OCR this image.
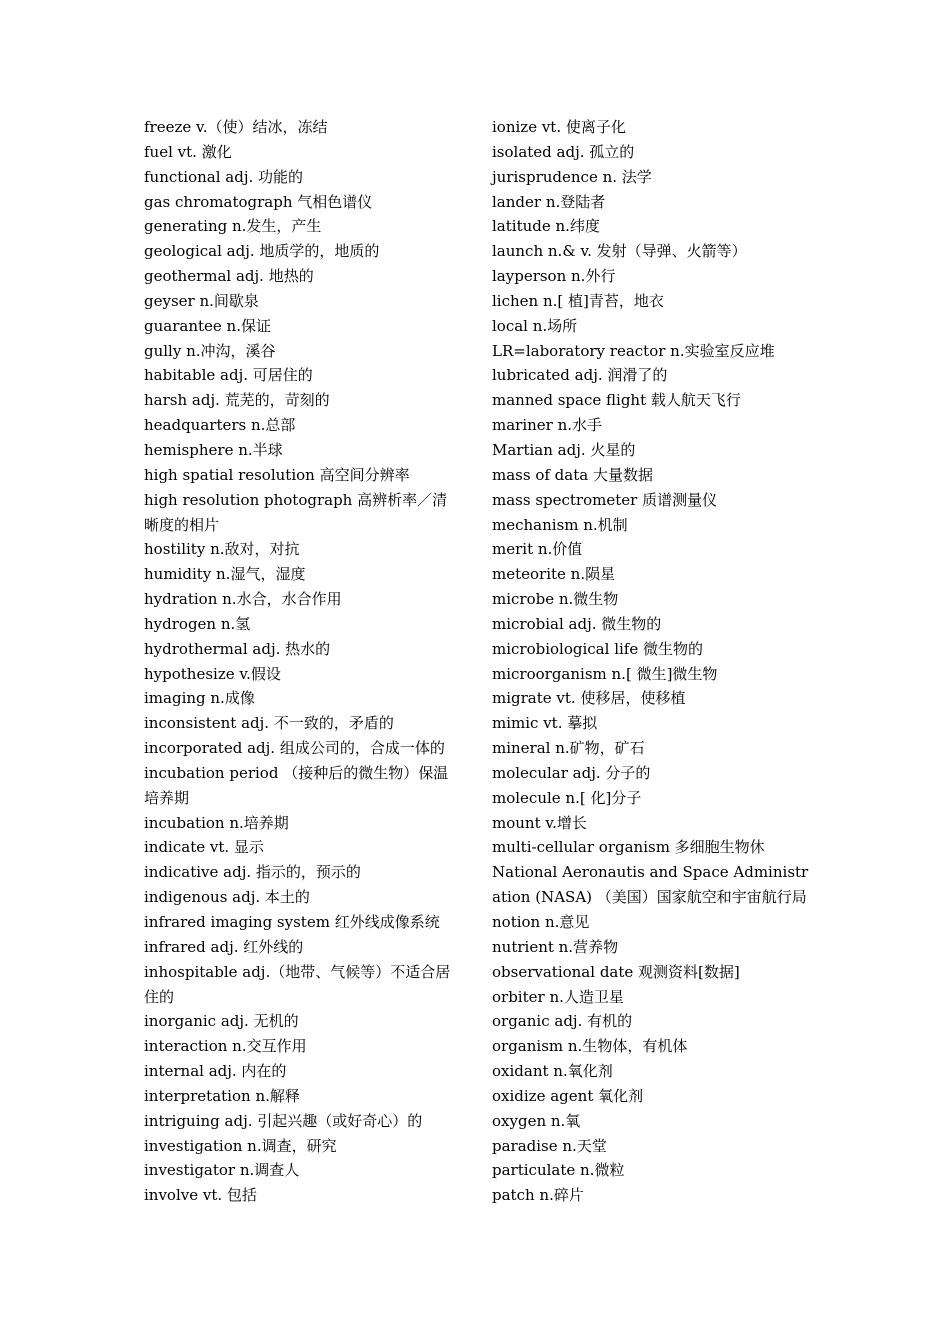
freeze v.（使）结冰，冻结
fuel vt. 激化
functional adj. 功能的
gas chromatograph 气相色谱仪
generating n.发生，产生
geological adj. 地质学的，地质的
geothermal adj. 地热的
geyser n.间歇泉
guarantee n.保证
gully n.冲沟，溪谷
habitable adj. 可居住的
harsh adj. 荒芜的，苛刻的
headquarters n.总部
hemisphere n.半球
high spatial resolution 高空间分辨率
high resolution photograph 高辨析率／清晰度的相片
hostility n.敌对，对抗
humidity n.湿气，湿度
hydration n.水合，水合作用
hydrogen n.氢
hydrothermal adj. 热水的
hypothesize v.假设
imaging n.成像
inconsistent adj. 不一致的，矛盾的
incorporated adj. 组成公司的，合成一体的
incubation period （接种后的微生物）保温培养期
incubation n.培养期
indicate vt. 显示
indicative adj. 指示的，预示的
indigenous adj. 本土的
infrared imaging system 红外线成像系统
infrared adj. 红外线的
inhospitable adj.（地带、气候等）不适合居住的
inorganic adj. 无机的
interaction n.交互作用
internal adj. 内在的
interpretation n.解释
intriguing adj. 引起兴趣（或好奇心）的
investigation n.调查，研究
investigator n.调查人
involve vt. 包括
ionize vt. 使离子化
isolated adj. 孤立的
jurisprudence n. 法学
lander n.登陆者
latitude n.纬度
launch n.& v. 发射（导弹、火箭等）
layperson n.外行
lichen n.[ 植]青苔，地衣
local n.场所
LR=laboratory reactor n.实验室反应堆
lubricated adj. 润滑了的
manned space flight 载人航天飞行
mariner n.水手
Martian adj. 火星的
mass of data 大量数据
mass spectrometer 质谱测量仪
mechanism n.机制
merit n.价值
meteorite n.陨星
microbe n.微生物
microbial adj. 微生物的
microbiological life 微生物的
microorganism n.[ 微生]微生物
migrate vt. 使移居，使移植
mimic vt. 摹拟
mineral n.矿物，矿石
molecular adj. 分子的
molecule n.[ 化]分子
mount v.增长
multi-cellular organism 多细胞生物休
National Aeronautis and Space Administration (NASA) （美国）国家航空和宇宙航行局
notion n.意见
nutrient n.营养物
observational date 观测资料[数据]
orbiter n.人造卫星
organic adj. 有机的
organism n.生物体，有机体
oxidant n.氧化剂
oxidize agent 氧化剂
oxygen n.氧
paradise n.天堂
particulate n.微粒
patch n.碎片
